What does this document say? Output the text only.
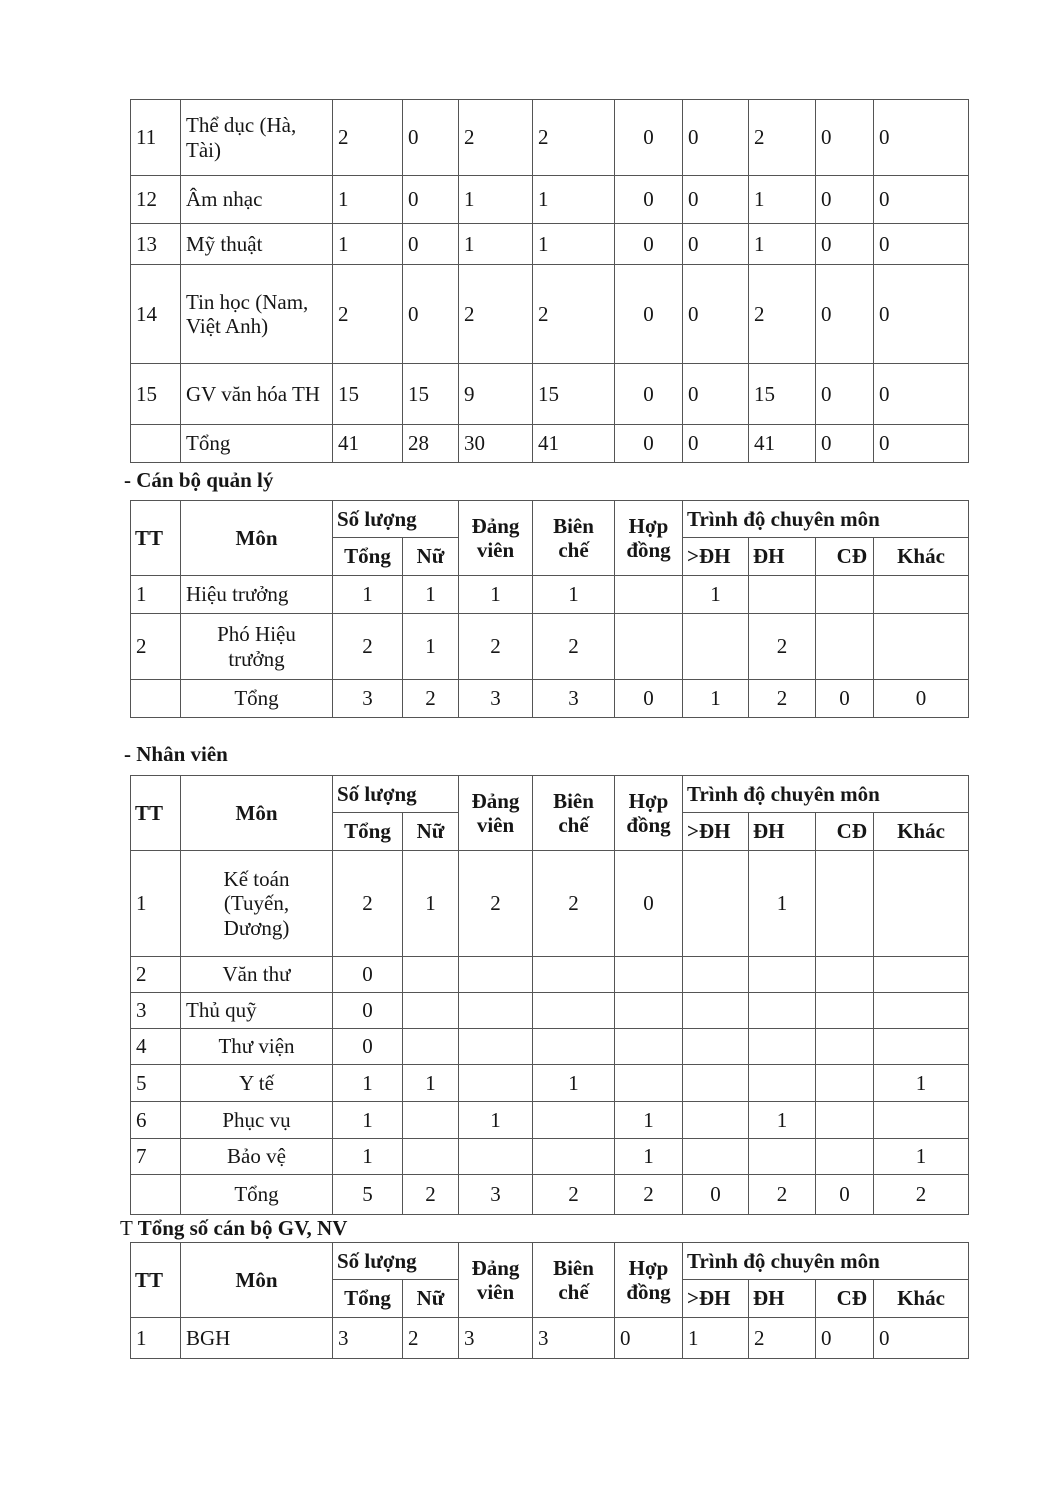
11	Thể dục (Hà, Tài)	2	0	2	2	0	0	2	0	0
12	Âm nhạc	1	0	1	1	0	0	1	0	0
13	Mỹ thuật	1	0	1	1	0	0	1	0	0
14	Tin học (Nam, Việt Anh)	2	0	2	2	0	0	2	0	0
15	GV văn hóa TH	15	15	9	15	0	0	15	0	0
	Tổng	41	28	30	41	0	0	41	0	0
- Cán bộ quản lý
TT	Môn	Số lượng		Đảng viên	Biên chế	Hợp đồng	Trình độ chuyên môn			
		Tổng	Nữ				>ĐH	ĐH	CĐ	Khác
1	Hiệu trưởng	1	1	1	1		1			
2	Phó Hiệu trưởng	2	1	2	2			2		
	Tổng	3	2	3	3	0	1	2	0	0
- Nhân viên
TT	Môn	Số lượng		Đảng viên	Biên chế	Hợp đồng	Trình độ chuyên môn			
		Tổng	Nữ				>ĐH	ĐH	CĐ	Khác
1	Kế toán (Tuyến, Dương)	2	1	2	2	0		1		
2	Văn thư	0								
3	Thủ quỹ	0								
4	Thư viện	0								
5	Y tế	1	1		1					1
6	Phục vụ	1		1		1		1		
7	Bảo vệ	1				1				1
	Tổng	5	2	3	2	2	0	2	0	2
T Tổng số cán bộ GV, NV
TT	Môn	Số lượng		Đảng viên	Biên chế	Hợp đồng	Trình độ chuyên môn			
		Tổng	Nữ				>ĐH	ĐH	CĐ	Khác
1	BGH	3	2	3	3	0	1	2	0	0
